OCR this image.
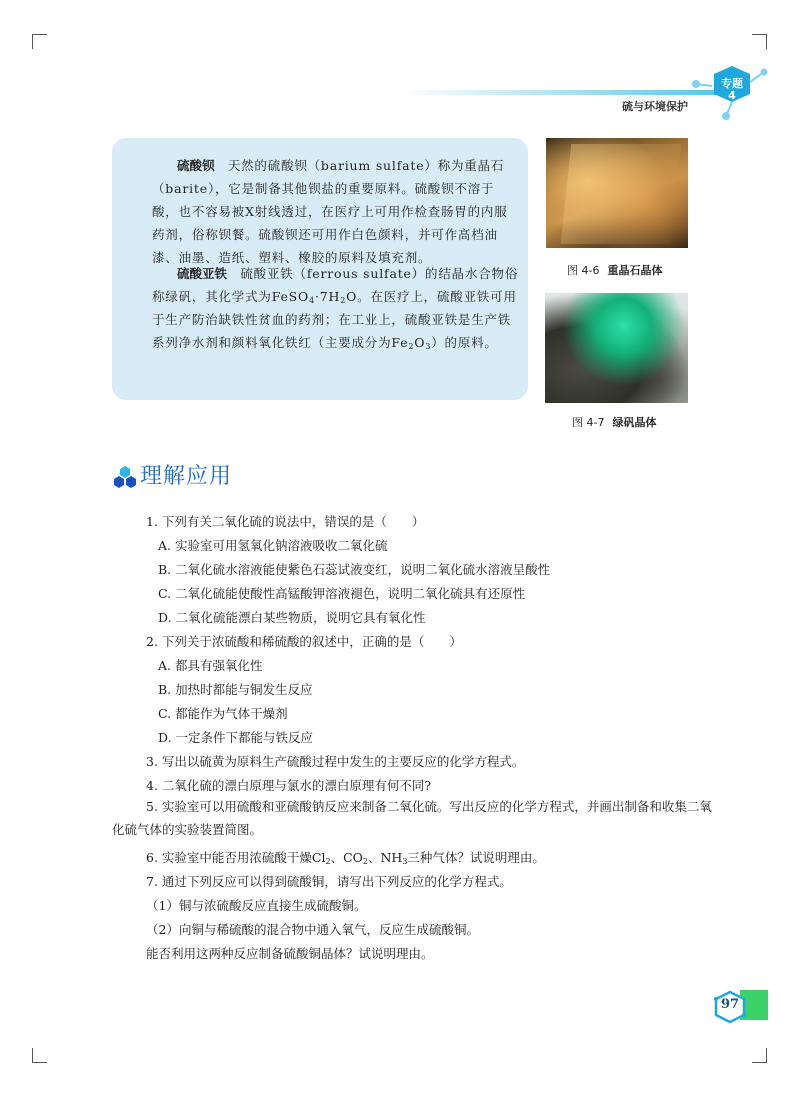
硫与环境保护
专题
4
硫酸钡　 天然的硫酸钡（barium sulfate）称为重晶石（barite），它是制备其他钡盐的重要原料。硫酸钡不溶于酸，也不容易被X射线透过，在医疗上可用作检查肠胃的内服药剂，俗称钡餐。硫酸钡还可用作白色颜料，并可作高档油漆、油墨、造纸、塑料、橡胶的原料及填充剂。
硫酸亚铁　 硫酸亚铁（ferrous sulfate）的结晶水合物俗称绿矾，其化学式为$FeSO_4\cdot 7H_2O$。在医疗上，硫酸亚铁可用于生产防治缺铁性贫血的药剂；在工业上，硫酸亚铁是生产铁系列净水剂和颜料氧化铁红（主要成分为$Fe_2O_3$）的原料。
图 4-6 重晶石晶体
图 4-7 绿矾晶体
理解应用
1. 下列有关二氧化硫的说法中，错误的是（　　）
A. 实验室可用氢氧化钠溶液吸收二氧化硫
B. 二氧化硫水溶液能使紫色石蕊试液变红，说明二氧化硫水溶液呈酸性
C. 二氧化硫能使酸性高锰酸钾溶液褪色，说明二氧化硫具有还原性
D. 二氧化硫能漂白某些物质，说明它具有氧化性
2. 下列关于浓硫酸和稀硫酸的叙述中，正确的是（　　）
A. 都具有强氧化性
B. 加热时都能与铜发生反应
C. 都能作为气体干燥剂
D. 一定条件下都能与铁反应
3. 写出以硫黄为原料生产硫酸过程中发生的主要反应的化学方程式。
4. 二氧化硫的漂白原理与氯水的漂白原理有何不同?
5. 实验室可以用硫酸和亚硫酸钠反应来制备二氧化硫。写出反应的化学方程式，并画出制备和收集二氧化硫气体的实验装置简图。
6. 实验室中能否用浓硫酸干燥$Cl_2$、$CO_2$、$NH_3$三种气体？试说明理由。
7. 通过下列反应可以得到硫酸铜，请写出下列反应的化学方程式。
（1）铜与浓硫酸反应直接生成硫酸铜。
（2）向铜与稀硫酸的混合物中通入氧气，反应生成硫酸铜。
能否利用这两种反应制备硫酸铜晶体？试说明理由。
97
